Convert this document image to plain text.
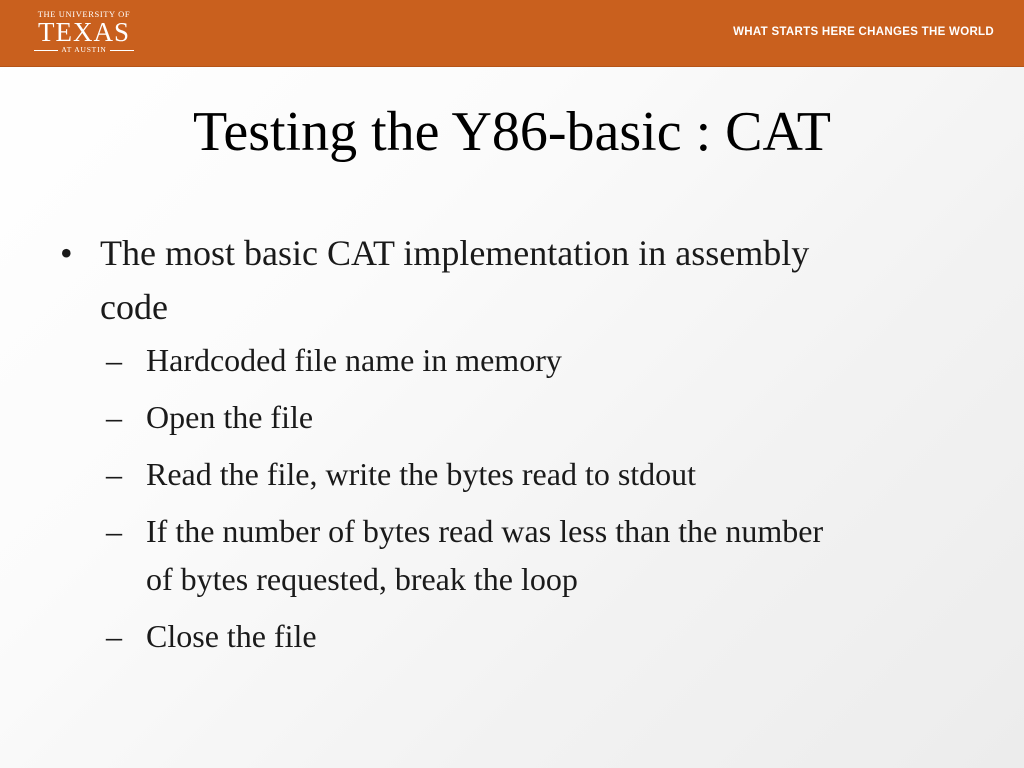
THE UNIVERSITY OF
TEXAS
AT AUSTIN
WHAT STARTS HERE CHANGES THE WORLD
Testing the Y86-basic : CAT
• The most basic CAT implementation in assembly code
– Hardcoded file name in memory
– Open the file
– Read the file, write the bytes read to stdout
– If the number of bytes read was less than the number of bytes requested, break the loop
– Close the file
